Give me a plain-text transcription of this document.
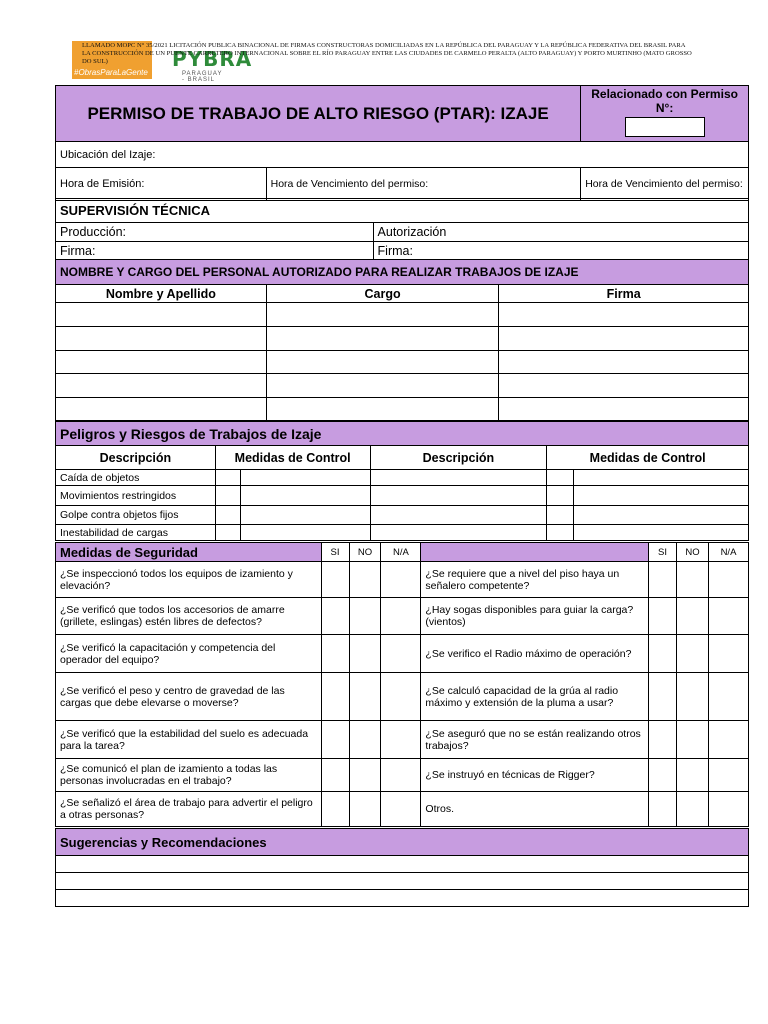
PYBRA
#ObrasParaLaGente	PARAGUAY - BRASIL
LLAMADO MOPC N° 35/2021 LICITACIÓN PUBLICA BINACIONAL DE FIRMAS CONSTRUCTORAS DOMICILIADAS EN LA REPÚBLICA DEL PARAGUAY Y LA REPÚBLICA FEDERATIVA DEL BRASIL PARA LA CONSTRUCCIÓN DE UN PUENTE CARRETERO INTERNACIONAL SOBRE EL RÍO PARAGUAY ENTRE LAS CIUDADES DE CARMELO PERALTA (ALTO PARAGUAY) Y PORTO MURTINHO (MATO GROSSO DO SUL)
PERMISO DE TRABAJO DE ALTO RIESGO (PTAR): IZAJE		Relacionado con Permiso N°:

Ubicación del Izaje:		
Hora de Emisión:	Hora de Vencimiento del permiso:	Hora de Vencimiento del permiso:
SUPERVISIÓN TÉCNICA	
Producción:	Autorización
Firma:	Firma:
NOMBRE Y CARGO DEL PERSONAL AUTORIZADO PARA REALIZAR TRABAJOS DE IZAJE		
Nombre y Apellido	Cargo	Firma

Peligros y Riesgos de Trabajos de Izaje					
Descripción	Medidas de Control		Descripción	Medidas de Control	
Caída de objetos					
Movimientos restringidos					
Golpe contra objetos fijos					
Inestabilidad de cargas					
Medidas de Seguridad	SI	NO	N/A		SI	NO	N/A
¿Se inspeccionó todos los equipos de izamiento y elevación?				¿Se requiere que a nivel del piso haya un señalero competente?			
¿Se verificó que todos los accesorios de amarre (grillete, eslingas) estén libres de defectos?				¿Hay sogas disponibles para guiar la carga? (vientos)			
¿Se verificó la capacitación y competencia del operador del equipo?				¿Se verifico el Radio máximo de operación?			
¿Se verificó el peso y centro de gravedad de las cargas que debe elevarse o moverse?				¿Se calculó capacidad de la grúa al radio máximo y extensión de la pluma a usar?			
¿Se verificó que la estabilidad del suelo es adecuada para la tarea?				¿Se aseguró que no se están realizando otros trabajos?			
¿Se comunicó el plan de izamiento a todas las personas involucradas en el trabajo?				¿Se instruyó en técnicas de Rigger?			
¿Se señalizó el área de trabajo para advertir el peligro a otras personas?				Otros.			
Sugerencias y Recomendaciones
